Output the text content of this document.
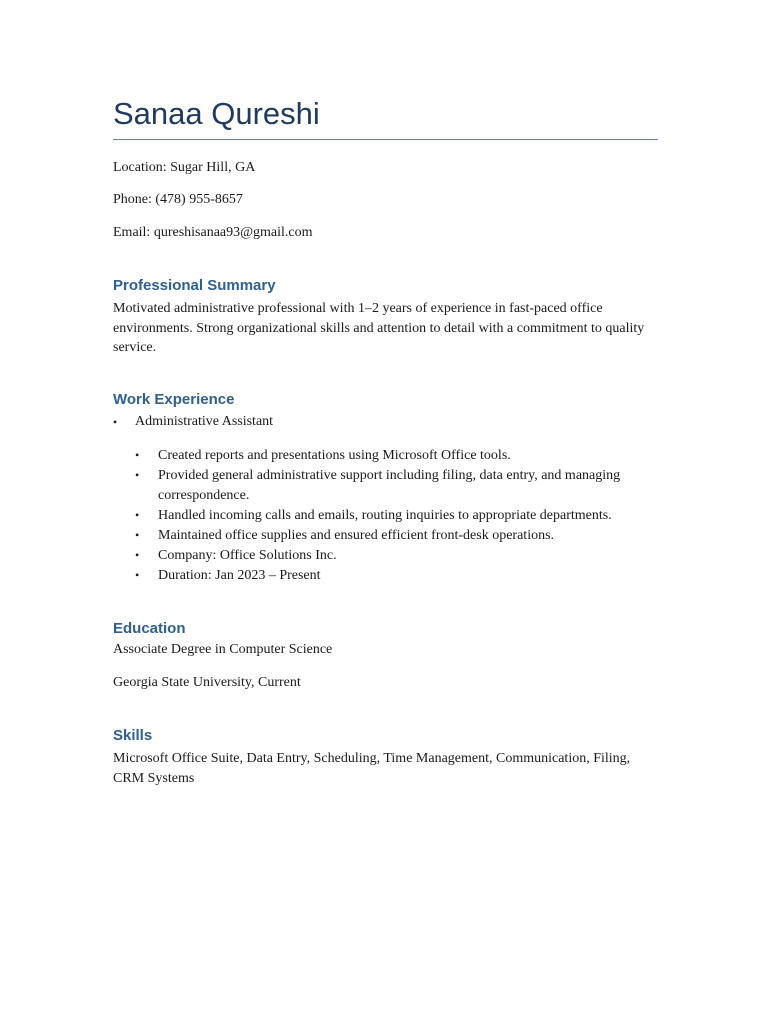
Sanaa Qureshi
Location: Sugar Hill, GA
Phone: (478) 955-8657
Email: qureshisanaa93@gmail.com
Professional Summary

Motivated administrative professional with 1–2 years of experience in fast-paced office environments. Strong organizational skills and attention to detail with a commitment to quality service.

Work Experience
• Administrative Assistant
• Created reports and presentations using Microsoft Office tools.
• Provided general administrative support including filing, data entry, and managing correspondence.
• Handled incoming calls and emails, routing inquiries to appropriate departments.
• Maintained office supplies and ensured efficient front-desk operations.
• Company: Office Solutions Inc.
• Duration: Jan 2023 – Present
Education
Associate Degree in Computer Science
Georgia State University, Current
Skills

Microsoft Office Suite, Data Entry, Scheduling, Time Management, Communication, Filing, CRM Systems
